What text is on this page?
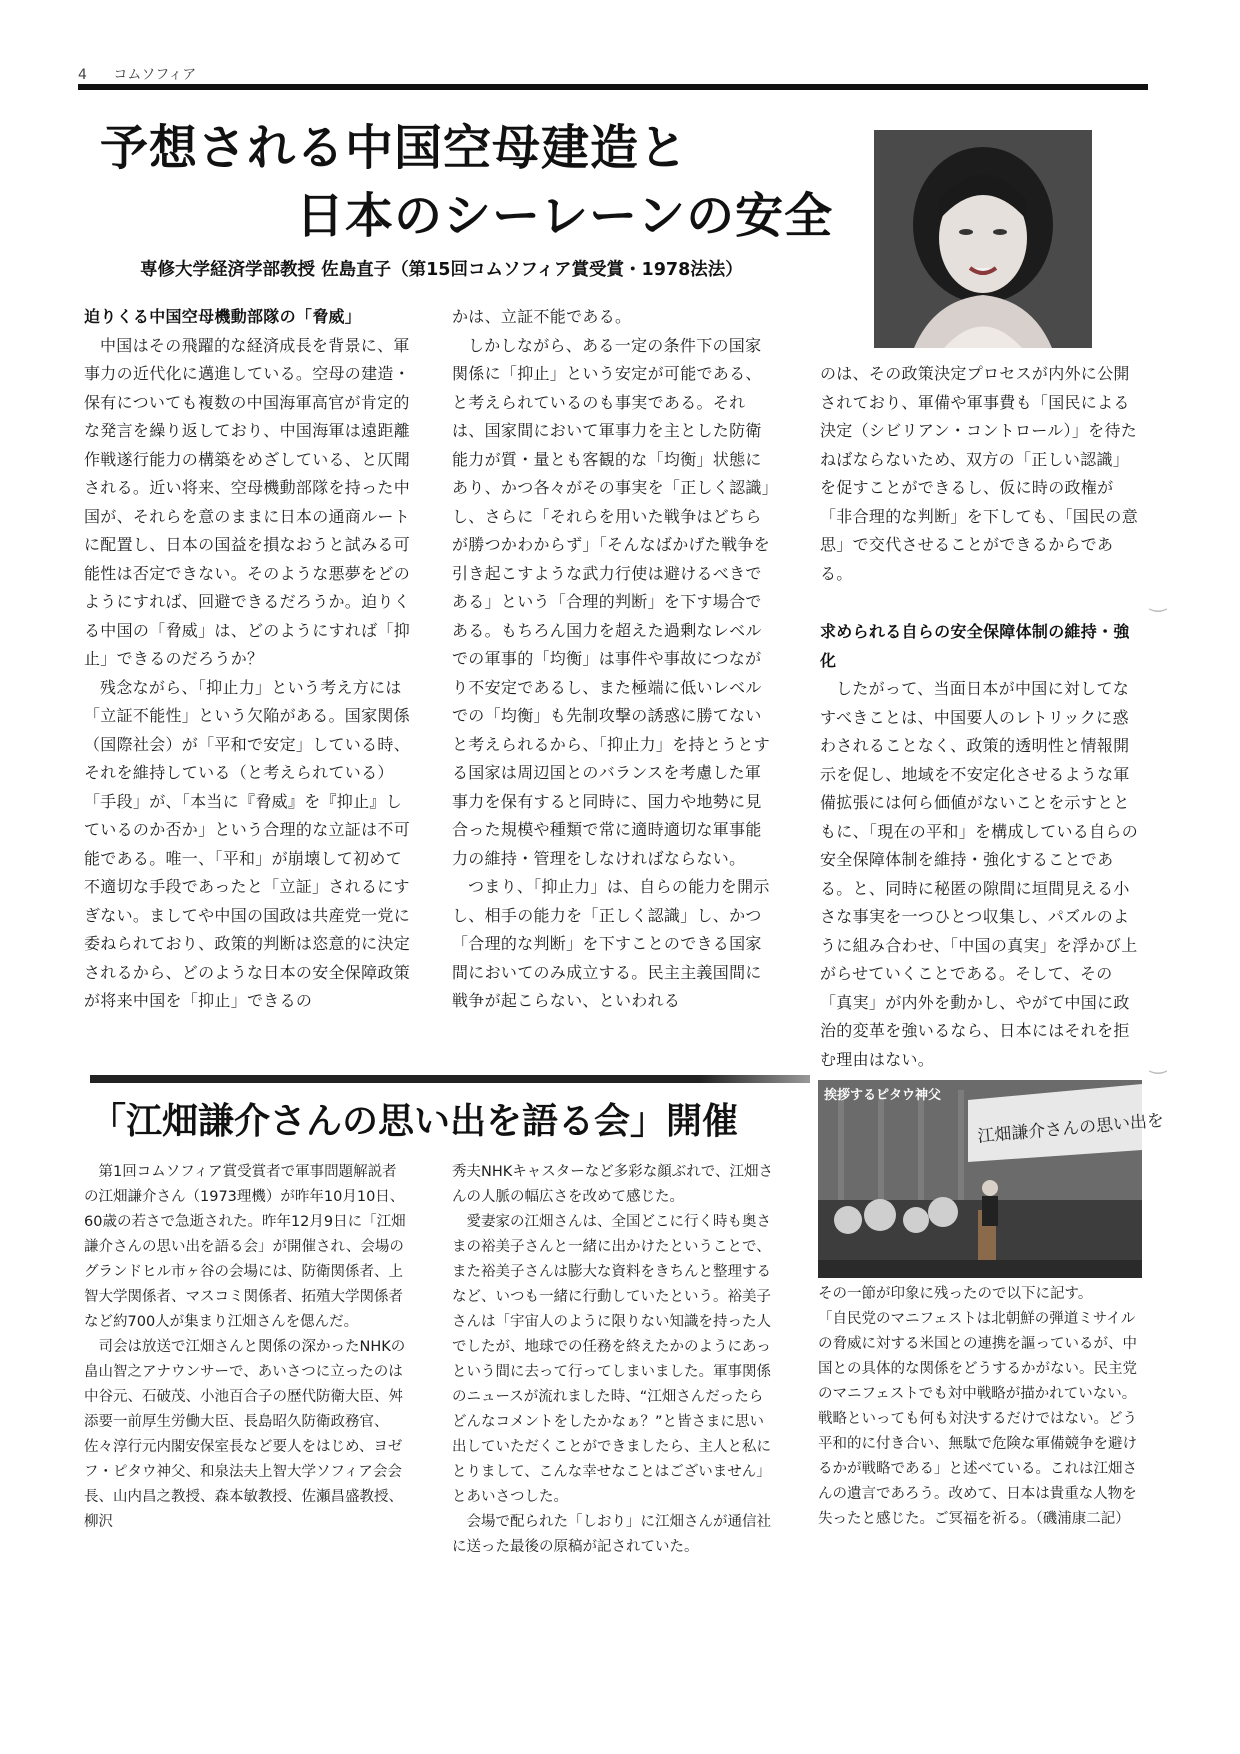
4 コムソフィア
予想される中国空母建造と
日本のシーレーンの安全
専修大学経済学部教授 佐島直子（第15回コムソフィア賞受賞・1978法法）
迫りくる中国空母機動部隊の「脅威」

中国はその飛躍的な経済成長を背景に、軍事力の近代化に邁進している。空母の建造・保有についても複数の中国海軍高官が肯定的な発言を繰り返しており、中国海軍は遠距離作戦遂行能力の構築をめざしている、と仄聞される。近い将来、空母機動部隊を持った中国が、それらを意のままに日本の通商ルートに配置し、日本の国益を損なおうと試みる可能性は否定できない。そのような悪夢をどのようにすれば、回避できるだろうか。迫りくる中国の「脅威」は、どのようにすれば「抑止」できるのだろうか？

残念ながら、「抑止力」という考え方には「立証不能性」という欠陥がある。国家関係（国際社会）が「平和で安定」している時、それを維持している（と考えられている）「手段」が、「本当に『脅威』を『抑止』しているのか否か」という合理的な立証は不可能である。唯一、「平和」が崩壊して初めて不適切な手段であったと「立証」されるにすぎない。ましてや中国の国政は共産党一党に委ねられており、政策的判断は恣意的に決定されるから、どのような日本の安全保障政策が将来中国を「抑止」できるの

かは、立証不能である。

しかしながら、ある一定の条件下の国家関係に「抑止」という安定が可能である、と考えられているのも事実である。それは、国家間において軍事力を主とした防衛能力が質・量とも客観的な「均衡」状態にあり、かつ各々がその事実を「正しく認識」し、さらに「それらを用いた戦争はどちらが勝つかわからず」「そんなばかげた戦争を引き起こすような武力行使は避けるべきである」という「合理的判断」を下す場合である。もちろん国力を超えた過剰なレベルでの軍事的「均衡」は事件や事故につながり不安定であるし、また極端に低いレベルでの「均衡」も先制攻撃の誘惑に勝てないと考えられるから、「抑止力」を持とうとする国家は周辺国とのバランスを考慮した軍事力を保有すると同時に、国力や地勢に見合った規模や種類で常に適時適切な軍事能力の維持・管理をしなければならない。

つまり、「抑止力」は、自らの能力を開示し、相手の能力を「正しく認識」し、かつ「合理的な判断」を下すことのできる国家間においてのみ成立する。民主主義国間に戦争が起こらない、といわれる

のは、その政策決定プロセスが内外に公開されており、軍備や軍事費も「国民による決定（シビリアン・コントロール）」を待たねばならないため、双方の「正しい認識」を促すことができるし、仮に時の政権が「非合理的な判断」を下しても、「国民の意思」で交代させることができるからである。

求められる自らの安全保障体制の維持・強化

したがって、当面日本が中国に対してなすべきことは、中国要人のレトリックに惑わされることなく、政策的透明性と情報開示を促し、地域を不安定化させるような軍備拡張には何ら価値がないことを示すとともに、「現在の平和」を構成している自らの安全保障体制を維持・強化することである。と、同時に秘匿の隙間に垣間見える小さな事実を一つひとつ収集し、パズルのように組み合わせ、「中国の真実」を浮かび上がらせていくことである。そして、その「真実」が内外を動かし、やがて中国に政治的変革を強いるなら、日本にはそれを拒む理由はない。

‿
‿
「江畑謙介さんの思い出を語る会」開催
挨拶するピタウ神父
江畑謙介さんの思い出を

第1回コムソフィア賞受賞者で軍事問題解説者の江畑謙介さん（1973理機）が昨年10月10日、60歳の若さで急逝された。昨年12月9日に「江畑謙介さんの思い出を語る会」が開催され、会場のグランドヒル市ヶ谷の会場には、防衛関係者、上智大学関係者、マスコミ関係者、拓殖大学関係者など約700人が集まり江畑さんを偲んだ。

司会は放送で江畑さんと関係の深かったNHKの畠山智之アナウンサーで、あいさつに立ったのは中谷元、石破茂、小池百合子の歴代防衛大臣、舛添要一前厚生労働大臣、長島昭久防衛政務官、佐々淳行元内閣安保室長など要人をはじめ、ヨゼフ・ピタウ神父、和泉法夫上智大学ソフィア会会長、山内昌之教授、森本敏教授、佐瀬昌盛教授、柳沢

秀夫NHKキャスターなど多彩な顔ぶれで、江畑さんの人脈の幅広さを改めて感じた。

愛妻家の江畑さんは、全国どこに行く時も奥さまの裕美子さんと一緒に出かけたということで、また裕美子さんは膨大な資料をきちんと整理するなど、いつも一緒に行動していたという。裕美子さんは「宇宙人のように限りない知識を持った人でしたが、地球での任務を終えたかのようにあっという間に去って行ってしまいました。軍事関係のニュースが流れました時、“江畑さんだったらどんなコメントをしたかなぁ？”と皆さまに思い出していただくことができましたら、主人と私にとりまして、こんな幸せなことはございません」とあいさつした。

会場で配られた「しおり」に江畑さんが通信社に送った最後の原稿が記されていた。

その一節が印象に残ったので以下に記す。

「自民党のマニフェストは北朝鮮の弾道ミサイルの脅威に対する米国との連携を謳っているが、中国との具体的な関係をどうするかがない。民主党のマニフェストでも対中戦略が描かれていない。戦略といっても何も対決するだけではない。どう平和的に付き合い、無駄で危険な軍備競争を避けるかが戦略である」と述べている。これは江畑さんの遺言であろう。改めて、日本は貴重な人物を失ったと感じた。ご冥福を祈る。（磯浦康二記）
